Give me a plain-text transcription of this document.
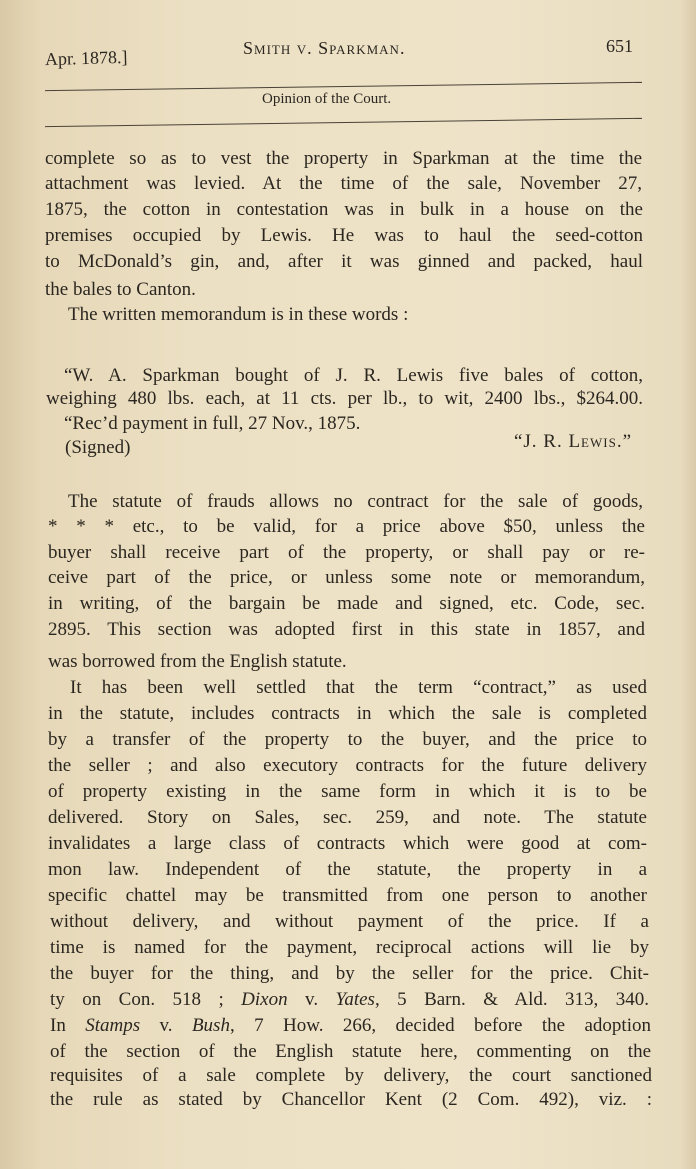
Apr. 1878.]	Smith v. Sparkman.	651
Opinion of the Court.
complete so as to vest the property in Sparkman at the time the
attachment was levied. At the time of the sale, November 27,
1875, the cotton in contestation was in bulk in a house on the
premises occupied by Lewis. He was to haul the seed-cotton
to McDonald’s gin, and, after it was ginned and packed, haul
the bales to Canton.
The written memorandum is in these words :
“W. A. Sparkman bought of J. R. Lewis five bales of cotton,
weighing 480 lbs. each, at 11 cts. per lb., to wit, 2400 lbs., $264.00.
“Rec’d payment in full, 27 Nov., 1875.
(Signed)	“J. R. Lewis.”
The statute of frauds allows no contract for the sale of goods,
* * * etc., to be valid, for a price above $50, unless the
buyer shall receive part of the property, or shall pay or re-
ceive part of the price, or unless some note or memorandum,
in writing, of the bargain be made and signed, etc. Code, sec.
2895. This section was adopted first in this state in 1857, and
was borrowed from the English statute.
It has been well settled that the term “contract,” as used
in the statute, includes contracts in which the sale is completed
by a transfer of the property to the buyer, and the price to
the seller ; and also executory contracts for the future delivery
of property existing in the same form in which it is to be
delivered. Story on Sales, sec. 259, and note. The statute
invalidates a large class of contracts which were good at com-
mon law. Independent of the statute, the property in a
specific chattel may be transmitted from one person to another
without delivery, and without payment of the price. If a
time is named for the payment, reciprocal actions will lie by
the buyer for the thing, and by the seller for the price. Chit-
ty on Con. 518 ; Dixon v. Yates, 5 Barn. & Ald. 313, 340.
In Stamps v. Bush, 7 How. 266, decided before the adoption
of the section of the English statute here, commenting on the
requisites of a sale complete by delivery, the court sanctioned
the rule as stated by Chancellor Kent (2 Com. 492), viz. :
